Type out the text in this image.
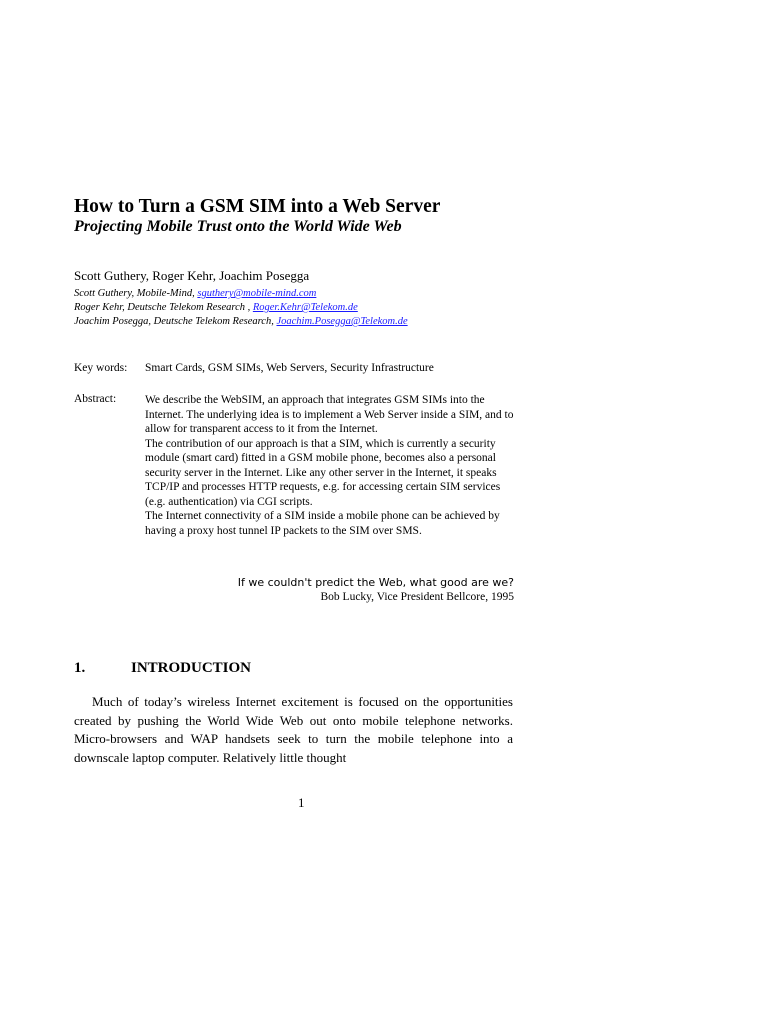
How to Turn a GSM SIM into a Web Server
Projecting Mobile Trust onto the World Wide Web
Scott Guthery, Roger Kehr, Joachim Posegga
Scott Guthery, Mobile-Mind, sguthery@mobile-mind.com
Roger Kehr, Deutsche Telekom Research , Roger.Kehr@Telekom.de
Joachim Posegga, Deutsche Telekom Research, Joachim.Posegga@Telekom.de
Key words: Smart Cards, GSM SIMs, Web Servers, Security Infrastructure
Abstract:	We describe the WebSIM, an approach that integrates GSM SIMs into the Internet. The underlying idea is to implement a Web Server inside a SIM, and to allow for transparent access to it from the Internet.

The contribution of our approach is that a SIM, which is currently a security module (smart card) fitted in a GSM mobile phone, becomes also a personal security server in the Internet. Like any other server in the Internet, it speaks TCP/IP and processes HTTP requests, e.g. for accessing certain SIM services (e.g. authentication) via CGI scripts.

The Internet connectivity of a SIM inside a mobile phone can be achieved by having a proxy host tunnel IP packets to the SIM over SMS.

If we couldn't predict the Web, what good are we?
Bob Lucky, Vice President Bellcore, 1995
1.	INTRODUCTION

Much of today’s wireless Internet excitement is focused on the opportunities created by pushing the World Wide Web out onto mobile telephone networks. Micro-browsers and WAP handsets seek to turn the mobile telephone into a downscale laptop computer. Relatively little thought

1
